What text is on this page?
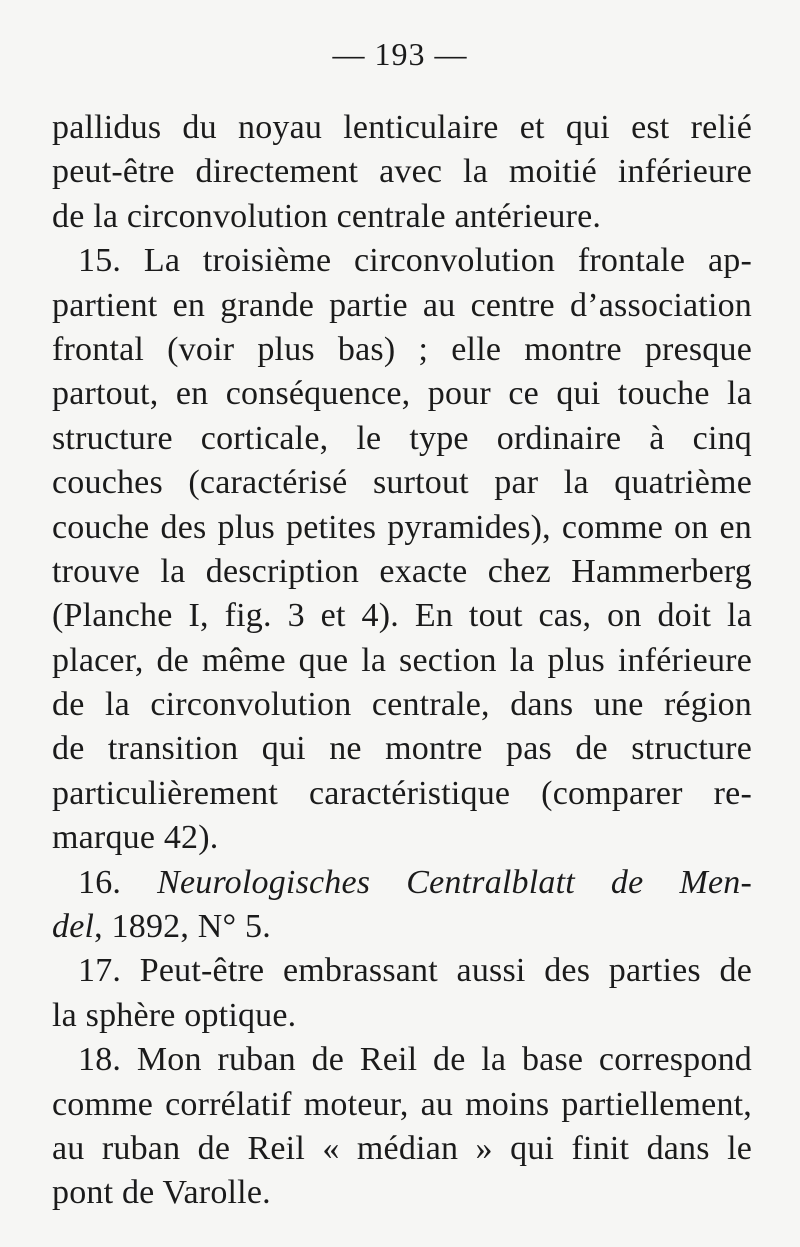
— 193 —
pallidus du noyau lenticulaire et qui est relié
peut-être directement avec la moitié inférieure
de la circonvolution centrale antérieure.
15. La troisième circonvolution frontale ap-
partient en grande partie au centre d’association
frontal (voir plus bas) ; elle montre presque
partout, en conséquence, pour ce qui touche la
structure corticale, le type ordinaire à cinq
couches (caractérisé surtout par la quatrième
couche des plus petites pyramides), comme on en
trouve la description exacte chez Hammerberg
(Planche I, fig. 3 et 4). En tout cas, on doit la
placer, de même que la section la plus inférieure
de la circonvolution centrale, dans une région
de transition qui ne montre pas de structure
particulièrement caractéristique (comparer re-
marque 42).
16. Neurologisches Centralblatt de Men-
del, 1892, N° 5.
17. Peut-être embrassant aussi des parties de
la sphère optique.
18. Mon ruban de Reil de la base correspond
comme corrélatif moteur, au moins partiellement,
au ruban de Reil « médian » qui finit dans le
pont de Varolle.
